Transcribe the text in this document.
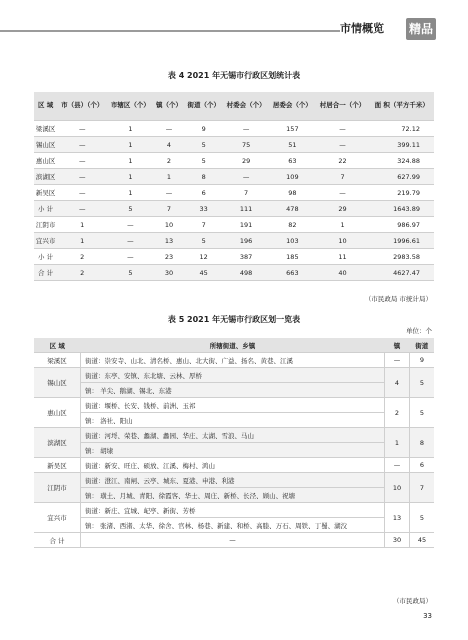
市情概览 精品
表 4 2021 年无锡市行政区划统计表
区 域	市（县）（个）	市辖区（个）	镇（个）	街道（个）	村委会（个）	居委会（个）	村居合一（个）	面 积（平方千米）
梁溪区	—	1	—	9	—	157	—	72.12
锡山区	—	1	4	5	75	51	—	399.11
惠山区	—	1	2	5	29	63	22	324.88
滨湖区	—	1	1	8	—	109	7	627.99
新吴区	—	1	—	6	7	98	—	219.79
小 计	—	5	7	33	111	478	29	1643.89
江阴市	1	—	10	7	191	82	1	986.97
宜兴市	1	—	13	5	196	103	10	1996.61
小 计	2	—	23	12	387	185	11	2983.58
合 计	2	5	30	45	498	663	40	4627.47
（市民政局 市统计局）
表 5 2021 年无锡市行政区划一览表
单位：个
区 域	所辖街道、乡镇	镇	街道
梁溪区	街道：崇安寺、山北、清名桥、惠山、北大街、广益、扬名、黄巷、江溪	—	9
锡山区	街道：东亭、安镇、东北塘、云林、厚桥	4	5
	镇： 羊尖、鹅湖、锡北、东港		
惠山区	街道：堰桥、长安、钱桥、前洲、玉祁	2	5
	镇： 洛社、阳山		
滨湖区	街道：河埒、荣巷、蠡湖、蠡园、华庄、太湖、雪浪、马山	1	8
	镇： 胡埭		
新吴区	街道：新安、旺庄、硕放、江溪、梅村、鸿山	—	6
江阴市	街道：澄江、南闸、云亭、城东、夏港、申港、利港	10	7
	镇： 璜土、月城、青阳、徐霞客、华士、周庄、新桥、长泾、顾山、祝塘		
宜兴市	街道：新庄、宜城、屺亭、新街、芳桥	13	5
	镇： 张渚、西渚、太华、徐舍、官林、杨巷、新建、和桥、高塍、万石、周铁、丁蜀、湖㳇		
合 计	—	30	45
（市民政局）
33
